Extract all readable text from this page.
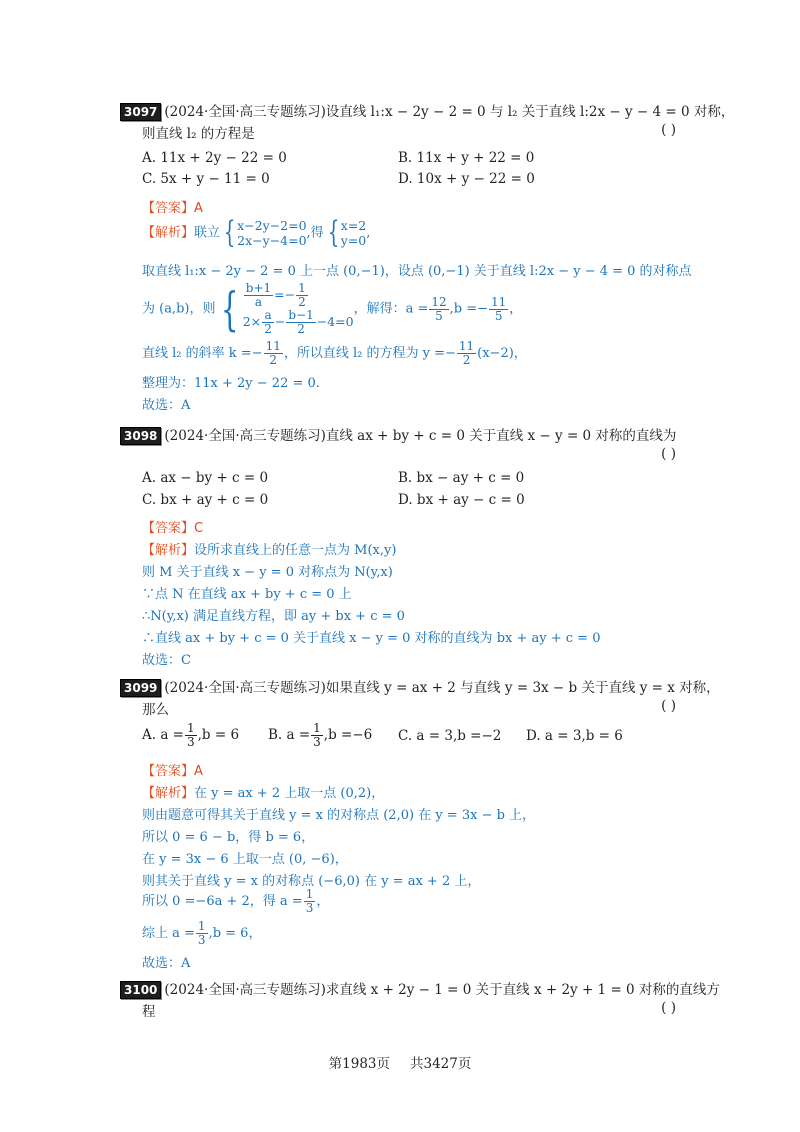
3097 (2024·全国·高三专题练习)设直线 l₁:x − 2y − 2 = 0 与 l₂ 关于直线 l:2x − y − 4 = 0 对称，
则直线 l₂ 的方程是	( )
A. 11x + 2y − 22 = 0	B. 11x + y + 22 = 0
C. 5x + y − 11 = 0	D. 10x + y − 22 = 0
【答案】A
【解析】联立 { x−2y−2=0
2x−y−4=0 ,得 { x=2
y=0 ,
取直线 l₁:x − 2y − 2 = 0 上一点 (0,−1)，设点 (0,−1) 关于直线 l:2x − y − 4 = 0 的对称点
为 (a,b)，则 { $\frac{b+1}{a} =- \frac{1}{2}$
$2\times \frac{a}{2} - \frac{b-1}{2} -4=0$
，解得：$a = \frac{12}{5} ,b =- \frac{11}{5}$ ，
直线 l₂ 的斜率 $k =- \frac{11}{2}$ ，所以直线 l₂ 的方程为 $y =- \frac{11}{2} (x-2)$，
整理为：11x + 2y − 22 = 0.
故选：A
3098 (2024·全国·高三专题练习)直线 ax + by + c = 0 关于直线 x − y = 0 对称的直线为
( )
A. ax − by + c = 0	B. bx − ay + c = 0
C. bx + ay + c = 0	D. bx + ay − c = 0
【答案】C
【解析】设所求直线上的任意一点为 M(x,y)
则 M 关于直线 x − y = 0 对称点为 N(y,x)
∵点 N 在直线 ax + by + c = 0 上
∴N(y,x) 满足直线方程，即 ay + bx + c = 0
∴直线 ax + by + c = 0 关于直线 x − y = 0 对称的直线为 bx + ay + c = 0
故选：C
3099 (2024·全国·高三专题练习)如果直线 y = ax + 2 与直线 y = 3x − b 关于直线 y = x 对称，
那么	( )
A. $a = \frac{1}{3} ,b = 6$ B. $a = \frac{1}{3} ,b =-6$ C. a = 3,b =−2 D. a = 3,b = 6
【答案】A
【解析】在 y = ax + 2 上取一点 (0,2)，
则由题意可得其关于直线 y = x 的对称点 (2,0) 在 y = 3x − b 上，
所以 0 = 6 − b，得 b = 6，
在 y = 3x − 6 上取一点 (0, −6)，
则其关于直线 y = x 的对称点 (−6,0) 在 y = ax + 2 上，
所以 0 =−6a + 2，得 $a = \frac{1}{3}$ ，
综上 $a = \frac{1}{3} ,b = 6$，
故选：A
3100 (2024·全国·高三专题练习)求直线 x + 2y − 1 = 0 关于直线 x + 2y + 1 = 0 对称的直线方
程	( )
第1983页 共3427页
